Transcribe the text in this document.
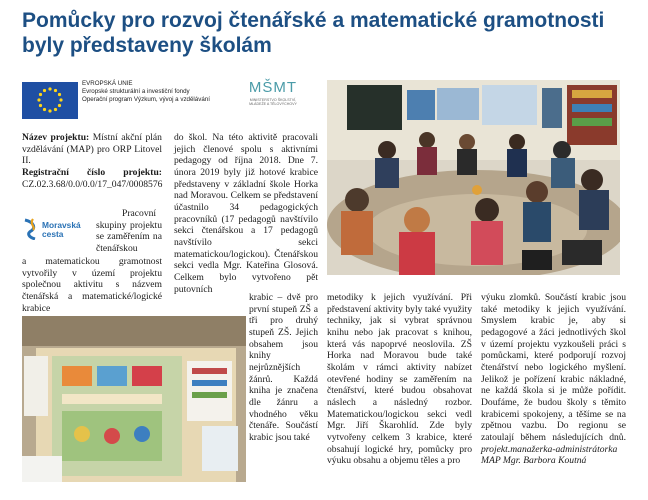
Pomůcky pro rozvoj čtenářské a matematické gramotnosti byly představeny školám
EVROPSKÁ UNIE
Evropské strukturální a investiční fondy
Operační program Výzkum, vývoj a vzdělávání
MŠMT
MINISTERSTVO ŠKOLSTVÍ,
MLÁDEŽE A TĚLOVÝCHOVY

Název projektu: Místní akční plán vzdělávání (MAP) pro ORP Litovel II.

Registrační číslo projektu: CZ.02.3.68/0.0/0.0/17_047/0008576

Moravská
cesta

Pracovní skupiny projektu se zaměřením na čtenářskou

a matematickou gramotnost vytvořily v území projektu společnou aktivitu s názvem čtenářská a matematické/logické krabice

do škol. Na této aktivitě pracovali jejich členové spolu s aktivními pedagogy od října 2018. Dne 7. února 2019 byly již hotové krabice představeny v základní škole Horka nad Moravou. Celkem se představení účastnilo 34 pedagogických pracovníků (17 pedagogů navštívilo sekci čtenářskou a 17 pedagogů navštívilo sekci matematickou/logickou). Čtenářskou sekci vedla Mgr. Kateřina Glosová. Celkem bylo vytvořeno pět putovních

krabic – dvě pro první stupeň ZŠ a tři pro druhý stupeň ZŠ. Jejich obsahem jsou knihy nejrůznějších žánrů. Každá kniha je značena dle žánru a vhodného věku čtenáře. Součástí krabic jsou také

metodiky k jejich využívání. Při představení aktivity byly také využity techniky, jak si vybrat správnou knihu nebo jak pracovat s knihou, která vás napoprvé neoslovila. ZŠ Horka nad Moravou bude také školám v rámci aktivity nabízet otevřené hodiny se zaměřením na čtenářství, které budou obsahovat náslech a následný rozbor. Matematickou/logickou sekci vedl Mgr. Jiří Škarohlíd. Zde byly vytvořeny celkem 3 krabice, které obsahují logické hry, pomůcky pro výuku obsahu a objemu těles a pro

výuku zlomků. Součástí krabic jsou také metodiky k jejich využívání. Smyslem krabic je, aby si pedagogové a žáci jednotlivých škol v území projektu vyzkoušeli práci s pomůckami, které podporují rozvoj čtenářství nebo logického myšlení. Jelikož je pořízení krabic nákladné, ne každá škola si je může pořídit. Doufáme, že budou školy s těmito krabicemi spokojeny, a těšíme se na zpětnou vazbu. Do regionu se zatoulají během následujících dnů. projekt.manažerka-administrátorka MAP Mgr. Barbora Koutná
